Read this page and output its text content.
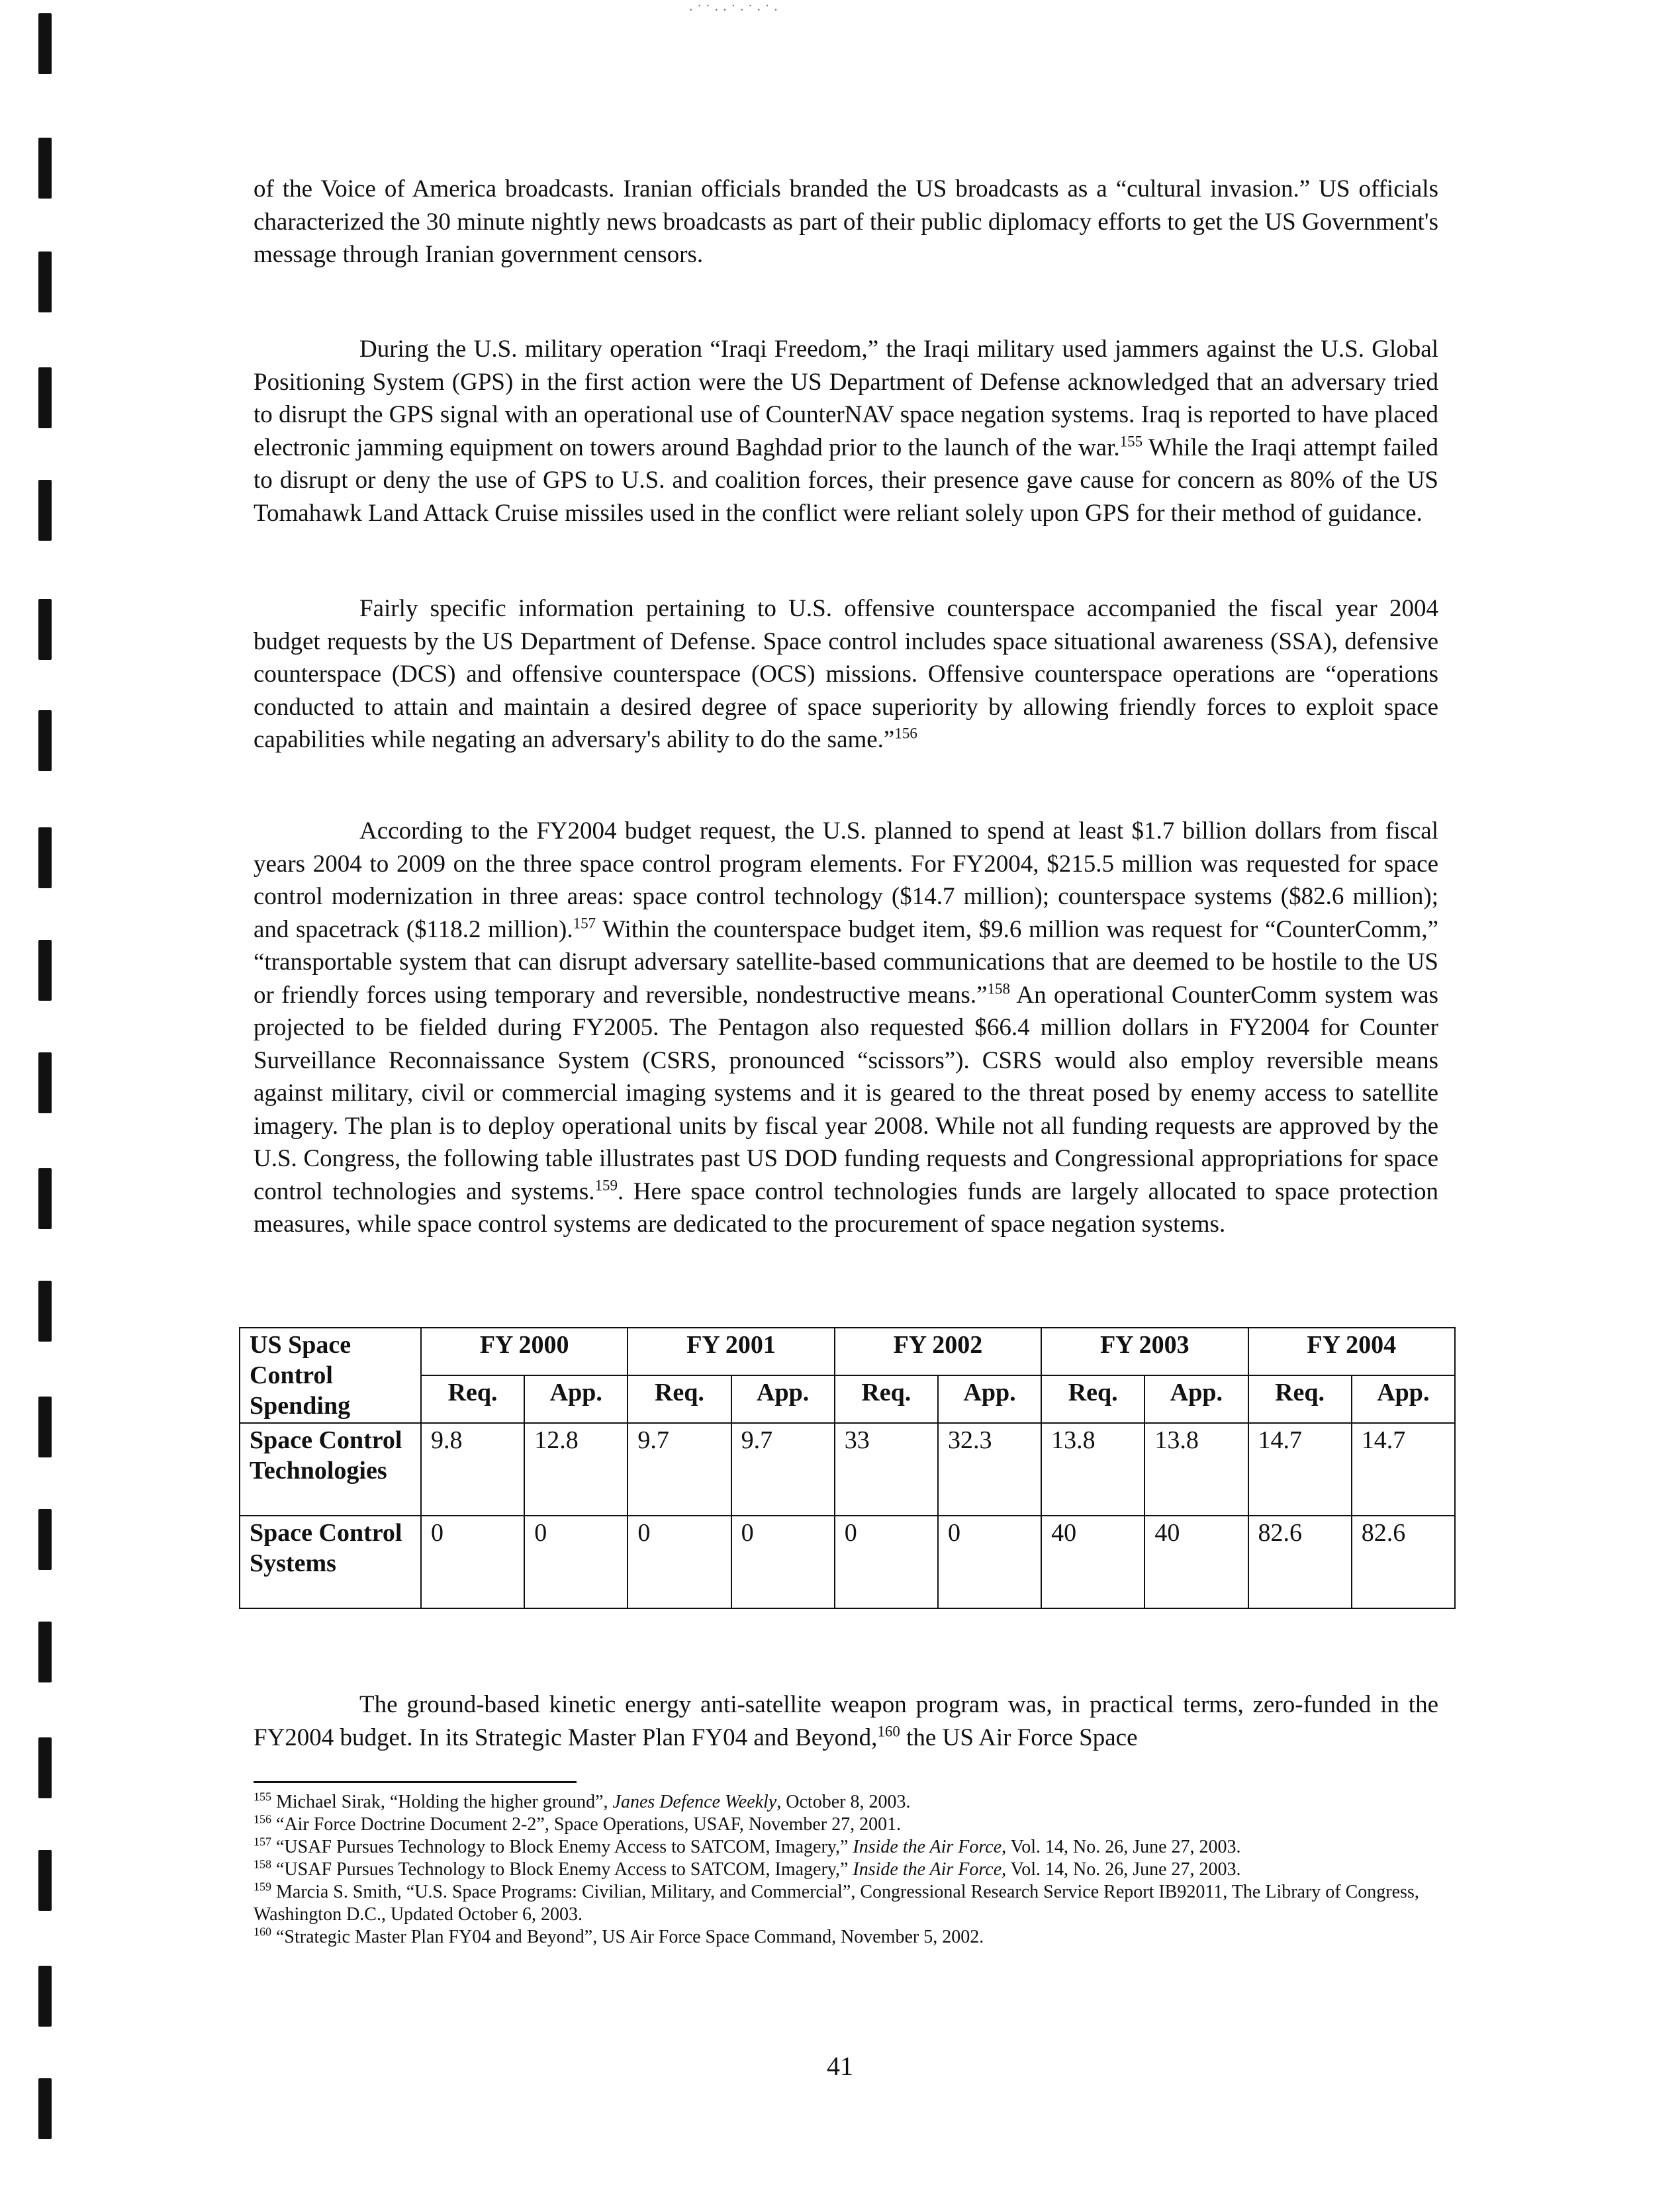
· ˙ ˙ · · ˙ · ˙ · ˙ ·

of the Voice of America broadcasts. Iranian officials branded the US broadcasts as a “cultural invasion.” US officials characterized the 30 minute nightly news broadcasts as part of their public diplomacy efforts to get the US Government's message through Iranian government censors.

During the U.S. military operation “Iraqi Freedom,” the Iraqi military used jammers against the U.S. Global Positioning System (GPS) in the first action were the US Department of Defense acknowledged that an adversary tried to disrupt the GPS signal with an operational use of CounterNAV space negation systems. Iraq is reported to have placed electronic jamming equipment on towers around Baghdad prior to the launch of the war.$^{155}$ While the Iraqi attempt failed to disrupt or deny the use of GPS to U.S. and coalition forces, their presence gave cause for concern as 80% of the US Tomahawk Land Attack Cruise missiles used in the conflict were reliant solely upon GPS for their method of guidance.

Fairly specific information pertaining to U.S. offensive counterspace accompanied the fiscal year 2004 budget requests by the US Department of Defense. Space control includes space situational awareness (SSA), defensive counterspace (DCS) and offensive counterspace (OCS) missions. Offensive counterspace operations are “operations conducted to attain and maintain a desired degree of space superiority by allowing friendly forces to exploit space capabilities while negating an adversary's ability to do the same.”$^{156}$

According to the FY2004 budget request, the U.S. planned to spend at least $1.7 billion dollars from fiscal years 2004 to 2009 on the three space control program elements. For FY2004, $215.5 million was requested for space control modernization in three areas: space control technology ($14.7 million); counterspace systems ($82.6 million); and spacetrack ($118.2 million).$^{157}$ Within the counterspace budget item, $9.6 million was request for “CounterComm,” “transportable system that can disrupt adversary satellite-based communications that are deemed to be hostile to the US or friendly forces using temporary and reversible, nondestructive means.”$^{158}$ An operational CounterComm system was projected to be fielded during FY2005. The Pentagon also requested $66.4 million dollars in FY2004 for Counter Surveillance Reconnaissance System (CSRS, pronounced “scissors”). CSRS would also employ reversible means against military, civil or commercial imaging systems and it is geared to the threat posed by enemy access to satellite imagery. The plan is to deploy operational units by fiscal year 2008. While not all funding requests are approved by the U.S. Congress, the following table illustrates past US DOD funding requests and Congressional appropriations for space control technologies and systems.$^{159}$. Here space control technologies funds are largely allocated to space protection measures, while space control systems are dedicated to the procurement of space negation systems.

US Space Control Spending	FY 2000		FY 2001		FY 2002		FY 2003		FY 2004	
	Req.	App.	Req.	App.	Req.	App.	Req.	App.	Req.	App.
Space Control Technologies	9.8	12.8	9.7	9.7	33	32.3	13.8	13.8	14.7	14.7
Space Control Systems	0	0	0	0	0	0	40	40	82.6	82.6

The ground-based kinetic energy anti-satellite weapon program was, in practical terms, zero-funded in the FY2004 budget. In its Strategic Master Plan FY04 and Beyond,$^{160}$ the US Air Force Space

$^{155}$ Michael Sirak, “Holding the higher ground”, Janes Defence Weekly, October 8, 2003.
$^{156}$ “Air Force Doctrine Document 2-2”, Space Operations, USAF, November 27, 2001.
$^{157}$ “USAF Pursues Technology to Block Enemy Access to SATCOM, Imagery,” Inside the Air Force, Vol. 14, No. 26, June 27, 2003.
$^{158}$ “USAF Pursues Technology to Block Enemy Access to SATCOM, Imagery,” Inside the Air Force, Vol. 14, No. 26, June 27, 2003.
$^{159}$ Marcia S. Smith, “U.S. Space Programs: Civilian, Military, and Commercial”, Congressional Research Service Report IB92011, The Library of Congress, Washington D.C., Updated October 6, 2003.
$^{160}$ “Strategic Master Plan FY04 and Beyond”, US Air Force Space Command, November 5, 2002.
41
